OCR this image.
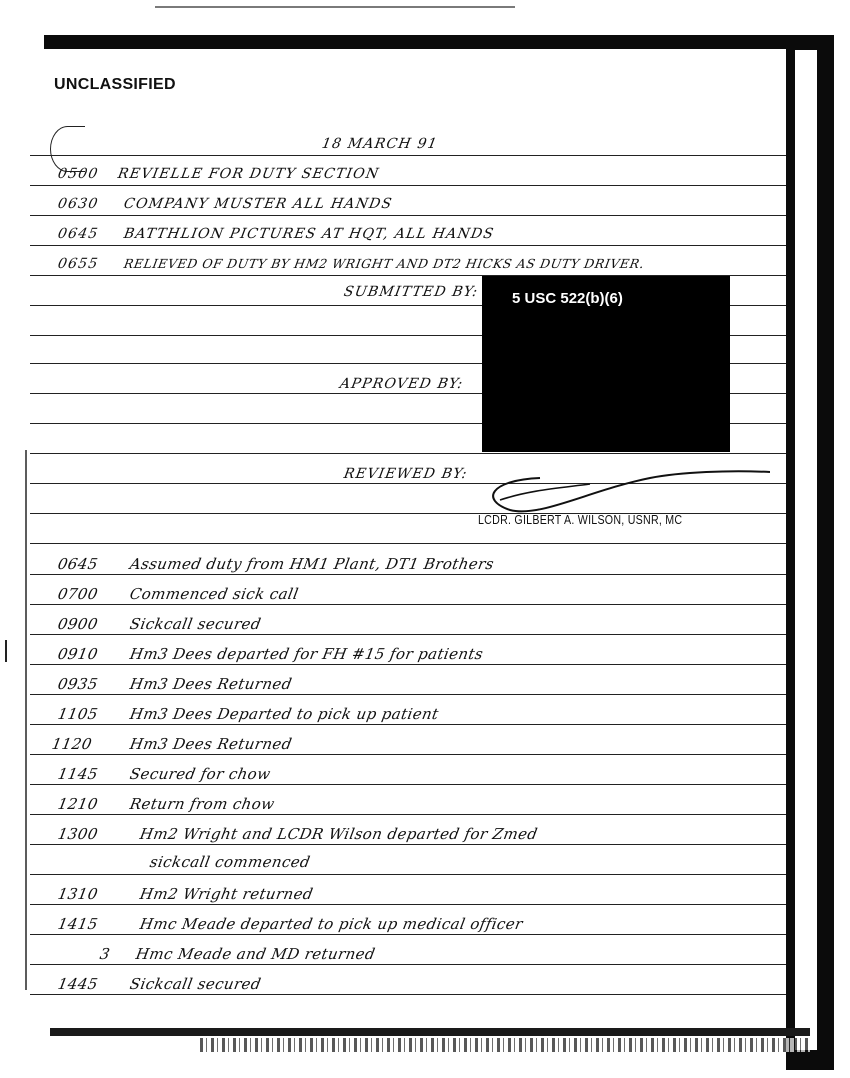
UNCLASSIFIED
18 MARCH 91
0500 REVIELLE FOR DUTY SECTION
0630 COMPANY MUSTER ALL HANDS
0645 BATTHLION PICTURES AT HQT, ALL HANDS
0655 RELIEVED OF DUTY BY HM2 WRIGHT AND DT2 HICKS AS DUTY DRIVER.
SUBMITTED BY:
APPROVED BY:
REVIEWED BY:
5 USC 522(b)(6)
LCDR. GILBERT A. WILSON, USNR, MC
0645 Assumed duty from HM1 Plant, DT1 Brothers
0700 Commenced sick call
0900 Sickcall secured
0910 Hm3 Dees departed for FH #15 for patients
0935 Hm3 Dees Returned
1105 Hm3 Dees Departed to pick up patient
1120 Hm3 Dees Returned
1145 Secured for chow
1210 Return from chow
1300	Hm2 Wright and LCDR Wilson departed for Zmed
sickcall commenced
1310	Hm2 Wright returned
1415	Hmc Meade departed to pick up medical officer
3 Hmc Meade and MD returned
1445 Sickcall secured
